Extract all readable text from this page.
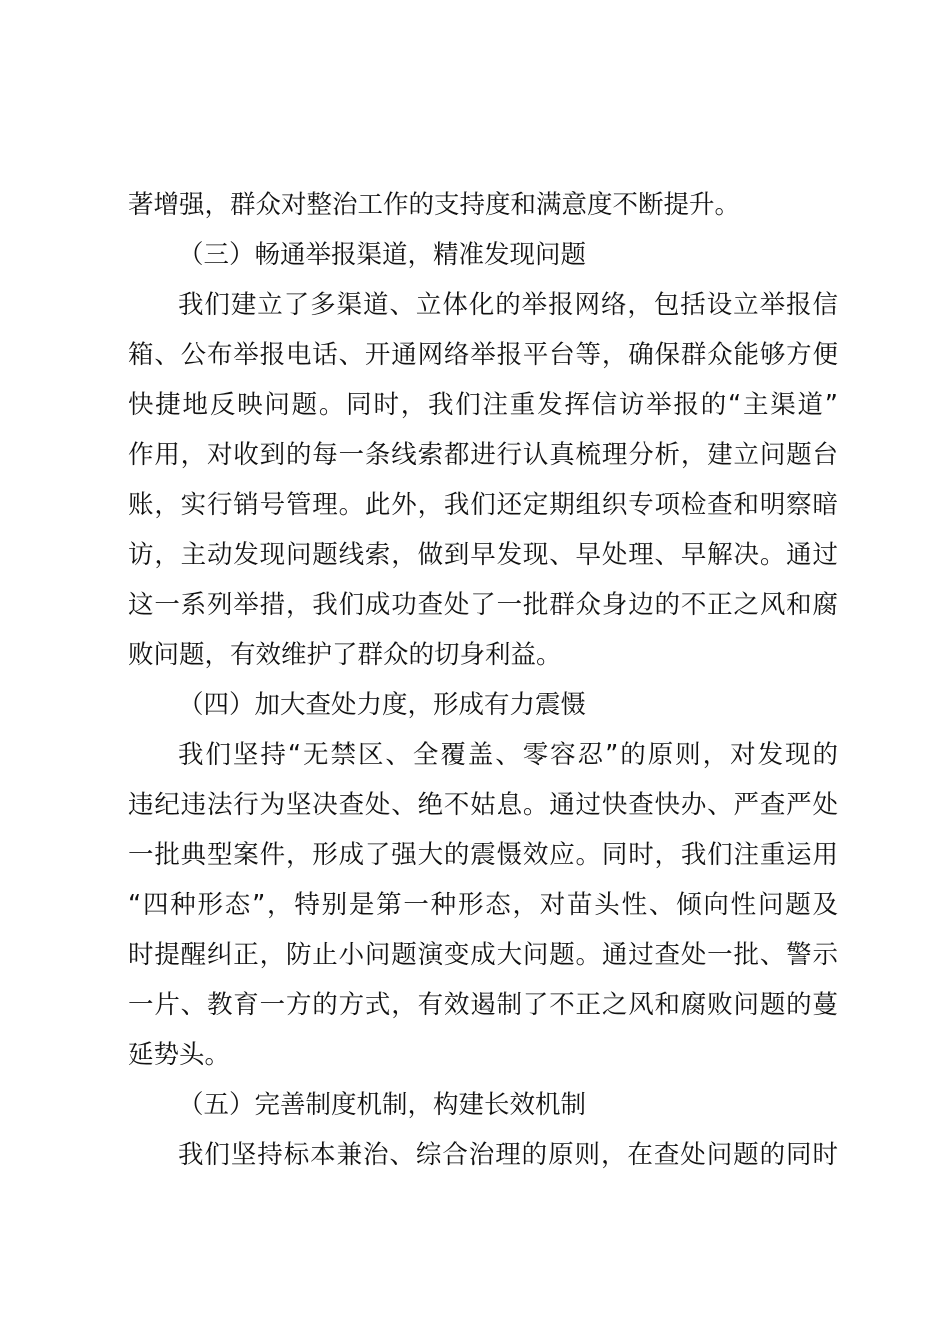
著增强，群众对整治工作的支持度和满意度不断提升。
（三）畅通举报渠道，精准发现问题
我们建立了多渠道、立体化的举报网络，包括设立举报信
箱、公布举报电话、开通网络举报平台等，确保群众能够方便
快捷地反映问题。同时，我们注重发挥信访举报的“主渠道”
作用，对收到的每一条线索都进行认真梳理分析，建立问题台
账，实行销号管理。此外，我们还定期组织专项检查和明察暗
访，主动发现问题线索，做到早发现、早处理、早解决。通过
这一系列举措，我们成功查处了一批群众身边的不正之风和腐
败问题，有效维护了群众的切身利益。
（四）加大查处力度，形成有力震慑
我们坚持“无禁区、全覆盖、零容忍”的原则，对发现的
违纪违法行为坚决查处、绝不姑息。通过快查快办、严查严处
一批典型案件，形成了强大的震慑效应。同时，我们注重运用
“四种形态”，特别是第一种形态，对苗头性、倾向性问题及
时提醒纠正，防止小问题演变成大问题。通过查处一批、警示
一片、教育一方的方式，有效遏制了不正之风和腐败问题的蔓
延势头。
（五）完善制度机制，构建长效机制
我们坚持标本兼治、综合治理的原则，在查处问题的同时
